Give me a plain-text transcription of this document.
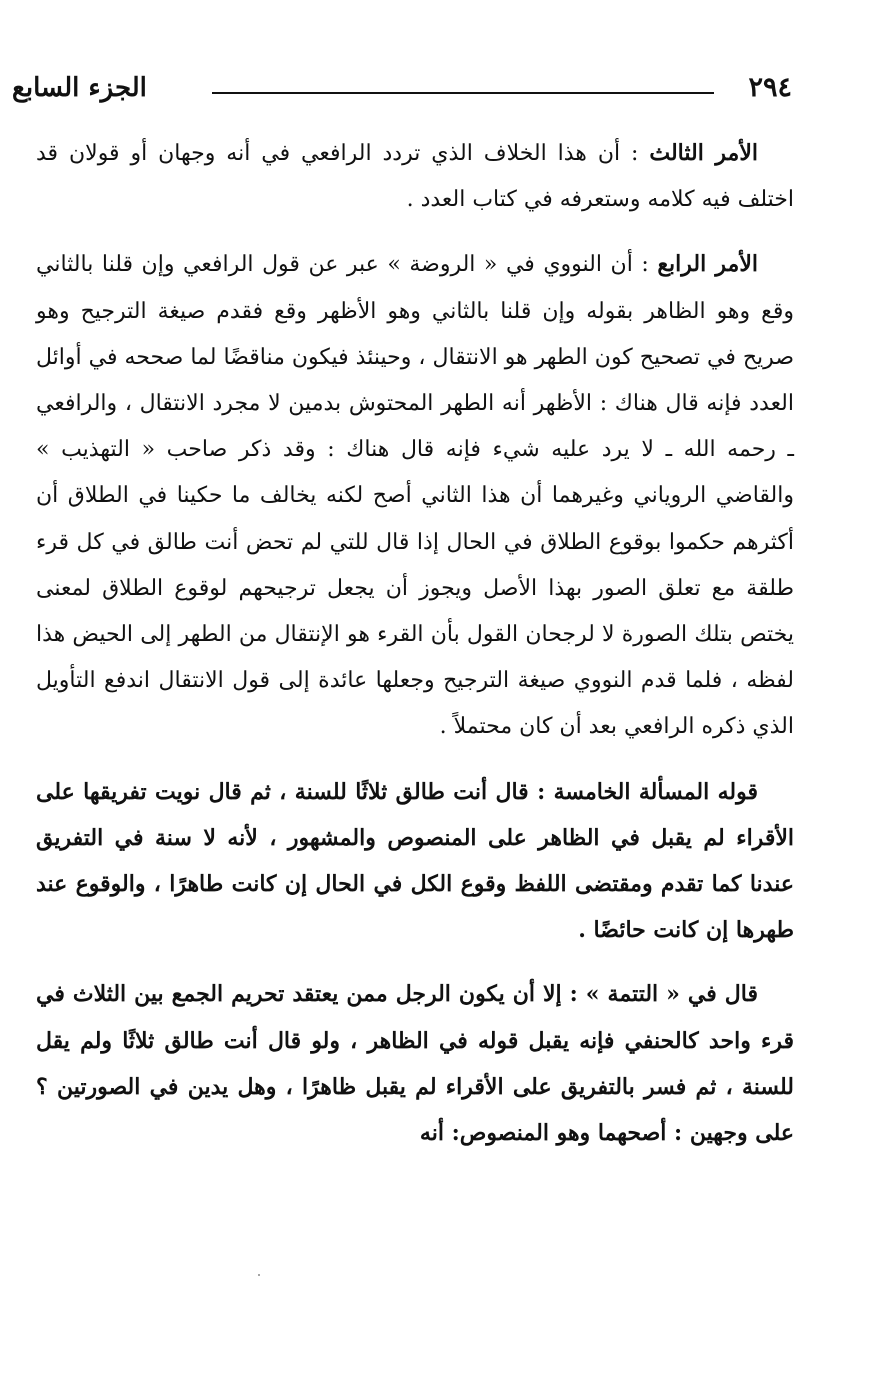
٢٩٤
الجزء السابع

الأمر الثالث : أن هذا الخلاف الذي تردد الرافعي في أنه وجهان أو قولان قد اختلف فيه كلامه وستعرفه في كتاب العدد .

الأمر الرابع : أن النووي في « الروضة » عبر عن قول الرافعي وإن قلنا بالثاني وقع وهو الظاهر بقوله وإن قلنا بالثاني وهو الأظهر وقع فقدم صيغة الترجيح وهو صريح في تصحيح كون الطهر هو الانتقال ، وحينئذ فيكون مناقضًا لما صححه في أوائل العدد فإنه قال هناك : الأظهر أنه الطهر المحتوش بدمين لا مجرد الانتقال ، والرافعي ـ رحمه الله ـ لا يرد عليه شيء فإنه قال هناك : وقد ذكر صاحب « التهذيب » والقاضي الروياني وغيرهما أن هذا الثاني أصح لكنه يخالف ما حكينا في الطلاق أن أكثرهم حكموا بوقوع الطلاق في الحال إذا قال للتي لم تحض أنت طالق في كل قرء طلقة مع تعلق الصور بهذا الأصل ويجوز أن يجعل ترجيحهم لوقوع الطلاق لمعنى يختص بتلك الصورة لا لرجحان القول بأن القرء هو الإنتقال من الطهر إلى الحيض هذا لفظه ، فلما قدم النووي صيغة الترجيح وجعلها عائدة إلى قول الانتقال اندفع التأويل الذي ذكره الرافعي بعد أن كان محتملاً .

قوله المسألة الخامسة : قال أنت طالق ثلاثًا للسنة ، ثم قال نويت تفريقها على الأقراء لم يقبل في الظاهر على المنصوص والمشهور ، لأنه لا سنة في التفريق عندنا كما تقدم ومقتضى اللفظ وقوع الكل في الحال إن كانت طاهرًا ، والوقوع عند طهرها إن كانت حائضًا .

قال في « التتمة » : إلا أن يكون الرجل ممن يعتقد تحريم الجمع بين الثلاث في قرء واحد كالحنفي فإنه يقبل قوله في الظاهر ، ولو قال أنت طالق ثلاثًا ولم يقل للسنة ، ثم فسر بالتفريق على الأقراء لم يقبل ظاهرًا ، وهل يدين في الصورتين ؟ على وجهين : أصحهما وهو المنصوص: أنه
